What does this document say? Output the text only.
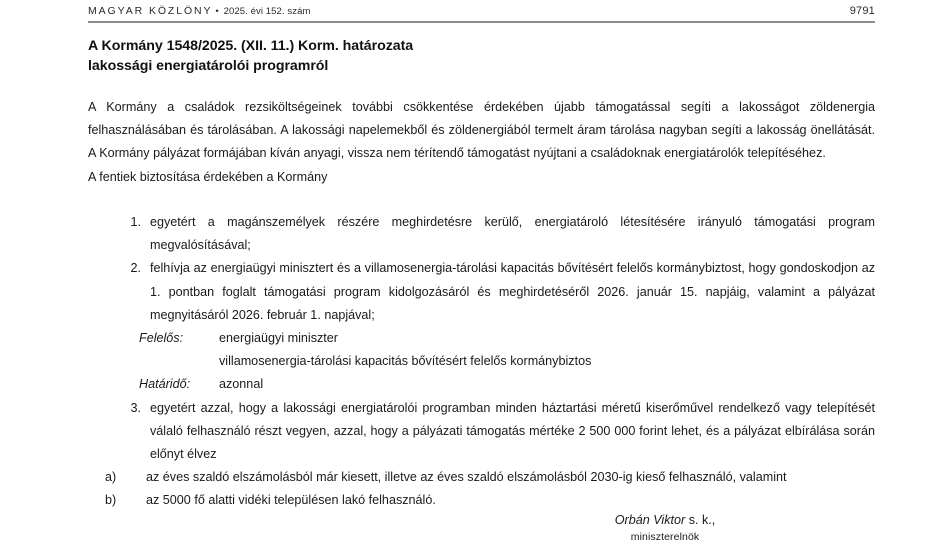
MAGYAR KÖZLÖNY • 2025. évi 152. szám	9791
A Kormány 1548/2025. (XII. 11.) Korm. határozata
lakossági energiatárolói programról

A Kormány a családok rezsiköltségeinek további csökkentése érdekében újabb támogatással segíti a lakosságot zöldenergia felhasználásában és tárolásában. A lakossági napelemekből és zöldenergiából termelt áram tárolása nagyban segíti a lakosság önellátását. A Kormány pályázat formájában kíván anyagi, vissza nem térítendő támogatást nyújtani a családoknak energiatárolók telepítéséhez.

A fentiek biztosítása érdekében a Kormány

1. egyetért a magánszemélyek részére meghirdetésre kerülő, energiatároló létesítésére irányuló támogatási program megvalósításával;
2. felhívja az energiaügyi minisztert és a villamosenergia-tárolási kapacitás bővítésért felelős kormánybiztost, hogy gondoskodjon az 1. pontban foglalt támogatási program kidolgozásáról és meghirdetéséről 2026. január 15. napjáig, valamint a pályázat megnyitásáról 2026. február 1. napjával;
Felelős:	energiaügyi miniszter
villamosenergia-tárolási kapacitás bővítésért felelős kormánybiztos
Határidő:	azonnal
3. egyetért azzal, hogy a lakossági energiatárolói programban minden háztartási méretű kiserőművel rendelkező vagy telepítését válaló felhasználó részt vegyen, azzal, hogy a pályázati támogatás mértéke 2 500 000 forint lehet, és a pályázat elbírálása során előnyt élvez
a)	az éves szaldó elszámolásból már kiesett, illetve az éves szaldó elszámolásból 2030-ig kieső felhasználó, valamint
b)	az 5000 fő alatti vidéki településen lakó felhasználó.
Orbán Viktor s. k.,
miniszterelnök
